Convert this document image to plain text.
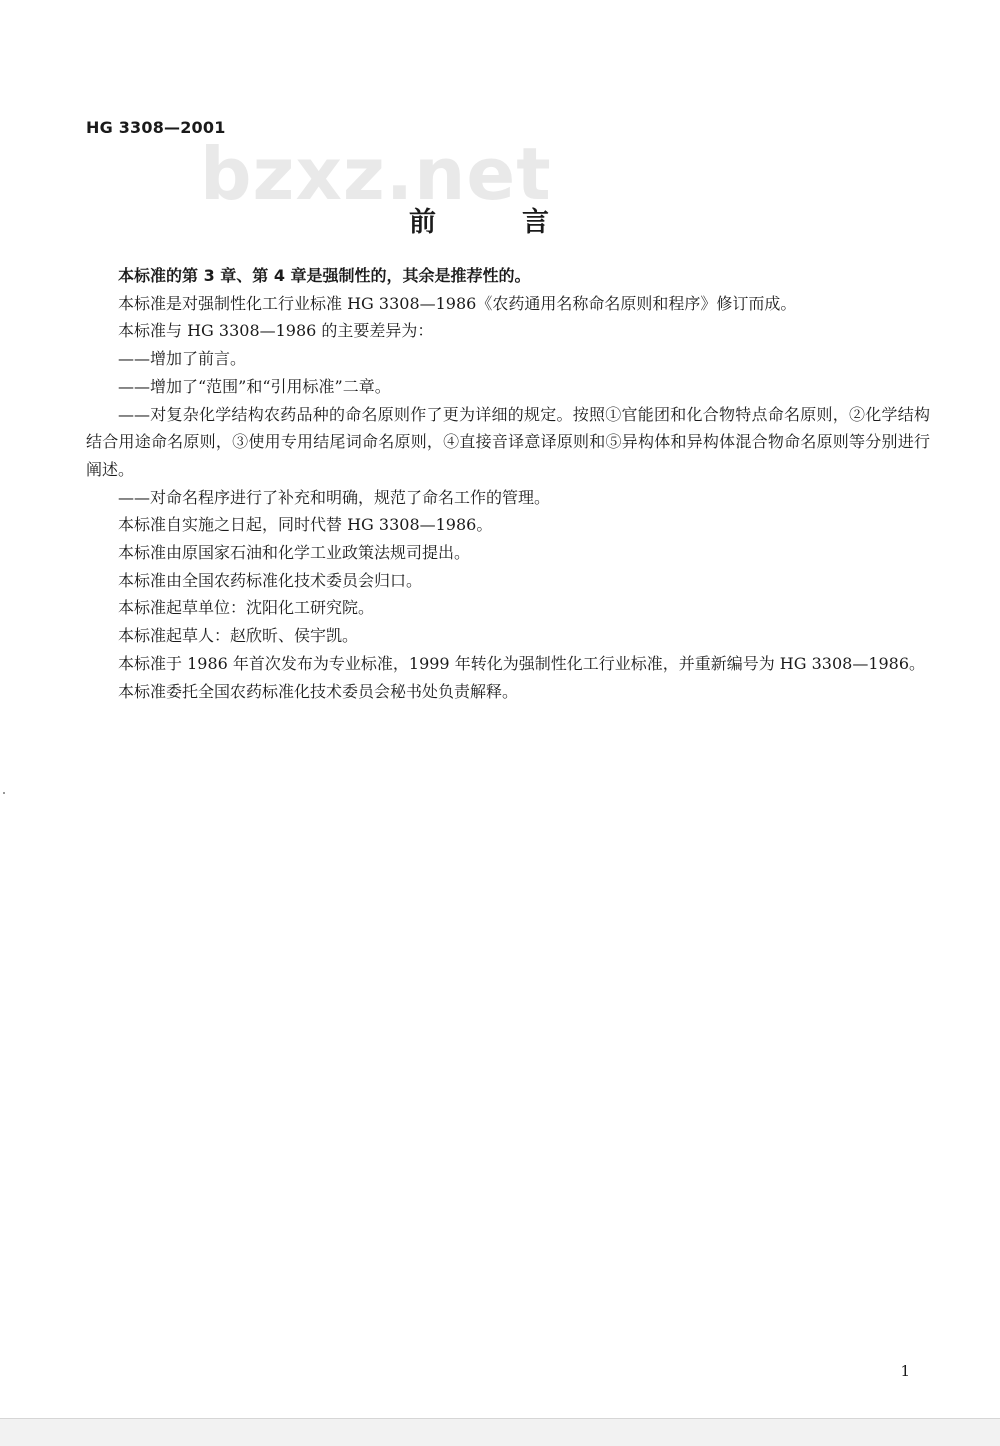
HG 3308—2001
bzxz.net
前言

本标准的第 3 章、第 4 章是强制性的，其余是推荐性的。

本标准是对强制性化工行业标准 HG 3308—1986《农药通用名称命名原则和程序》修订而成。

本标准与 HG 3308—1986 的主要差异为：

——增加了前言。

——增加了“范围”和“引用标准”二章。

——对复杂化学结构农药品种的命名原则作了更为详细的规定。按照①官能团和化合物特点命名原则，②化学结构结合用途命名原则，③使用专用结尾词命名原则，④直接音译意译原则和⑤异构体和异构体混合物命名原则等分别进行阐述。

——对命名程序进行了补充和明确，规范了命名工作的管理。

本标准自实施之日起，同时代替 HG 3308—1986。

本标准由原国家石油和化学工业政策法规司提出。

本标准由全国农药标准化技术委员会归口。

本标准起草单位：沈阳化工研究院。

本标准起草人：赵欣昕、侯宇凯。

本标准于 1986 年首次发布为专业标准，1999 年转化为强制性化工行业标准，并重新编号为 HG 3308—1986。

本标准委托全国农药标准化技术委员会秘书处负责解释。

1
